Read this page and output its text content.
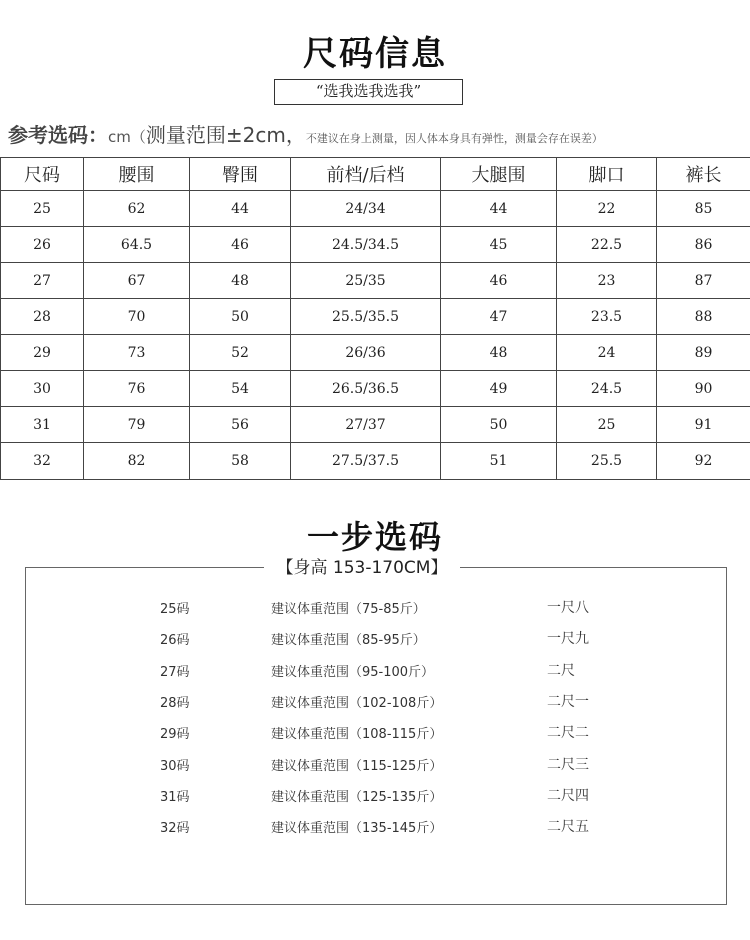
尺码信息
“选我选我选我”
参考选码：cm（测量范围±2cm，不建议在身上测量，因人体本身具有弹性，测量会存在误差）
尺码	腰围	臀围	前档/后档	大腿围	脚口	裤长
25	62	44	24/34	44	22	85
26	64.5	46	24.5/34.5	45	22.5	86
27	67	48	25/35	46	23	87
28	70	50	25.5/35.5	47	23.5	88
29	73	52	26/36	48	24	89
30	76	54	26.5/36.5	49	24.5	90
31	79	56	27/37	50	25	91
32	82	58	27.5/37.5	51	25.5	92
一步选码
【身高 153-170CM】
25码	建议体重范围（75-85斤）	一尺八
26码	建议体重范围（85-95斤）	一尺九
27码	建议体重范围（95-100斤）	二尺
28码	建议体重范围（102-108斤）	二尺一
29码	建议体重范围（108-115斤）	二尺二
30码	建议体重范围（115-125斤）	二尺三
31码	建议体重范围（125-135斤）	二尺四
32码	建议体重范围（135-145斤）	二尺五
